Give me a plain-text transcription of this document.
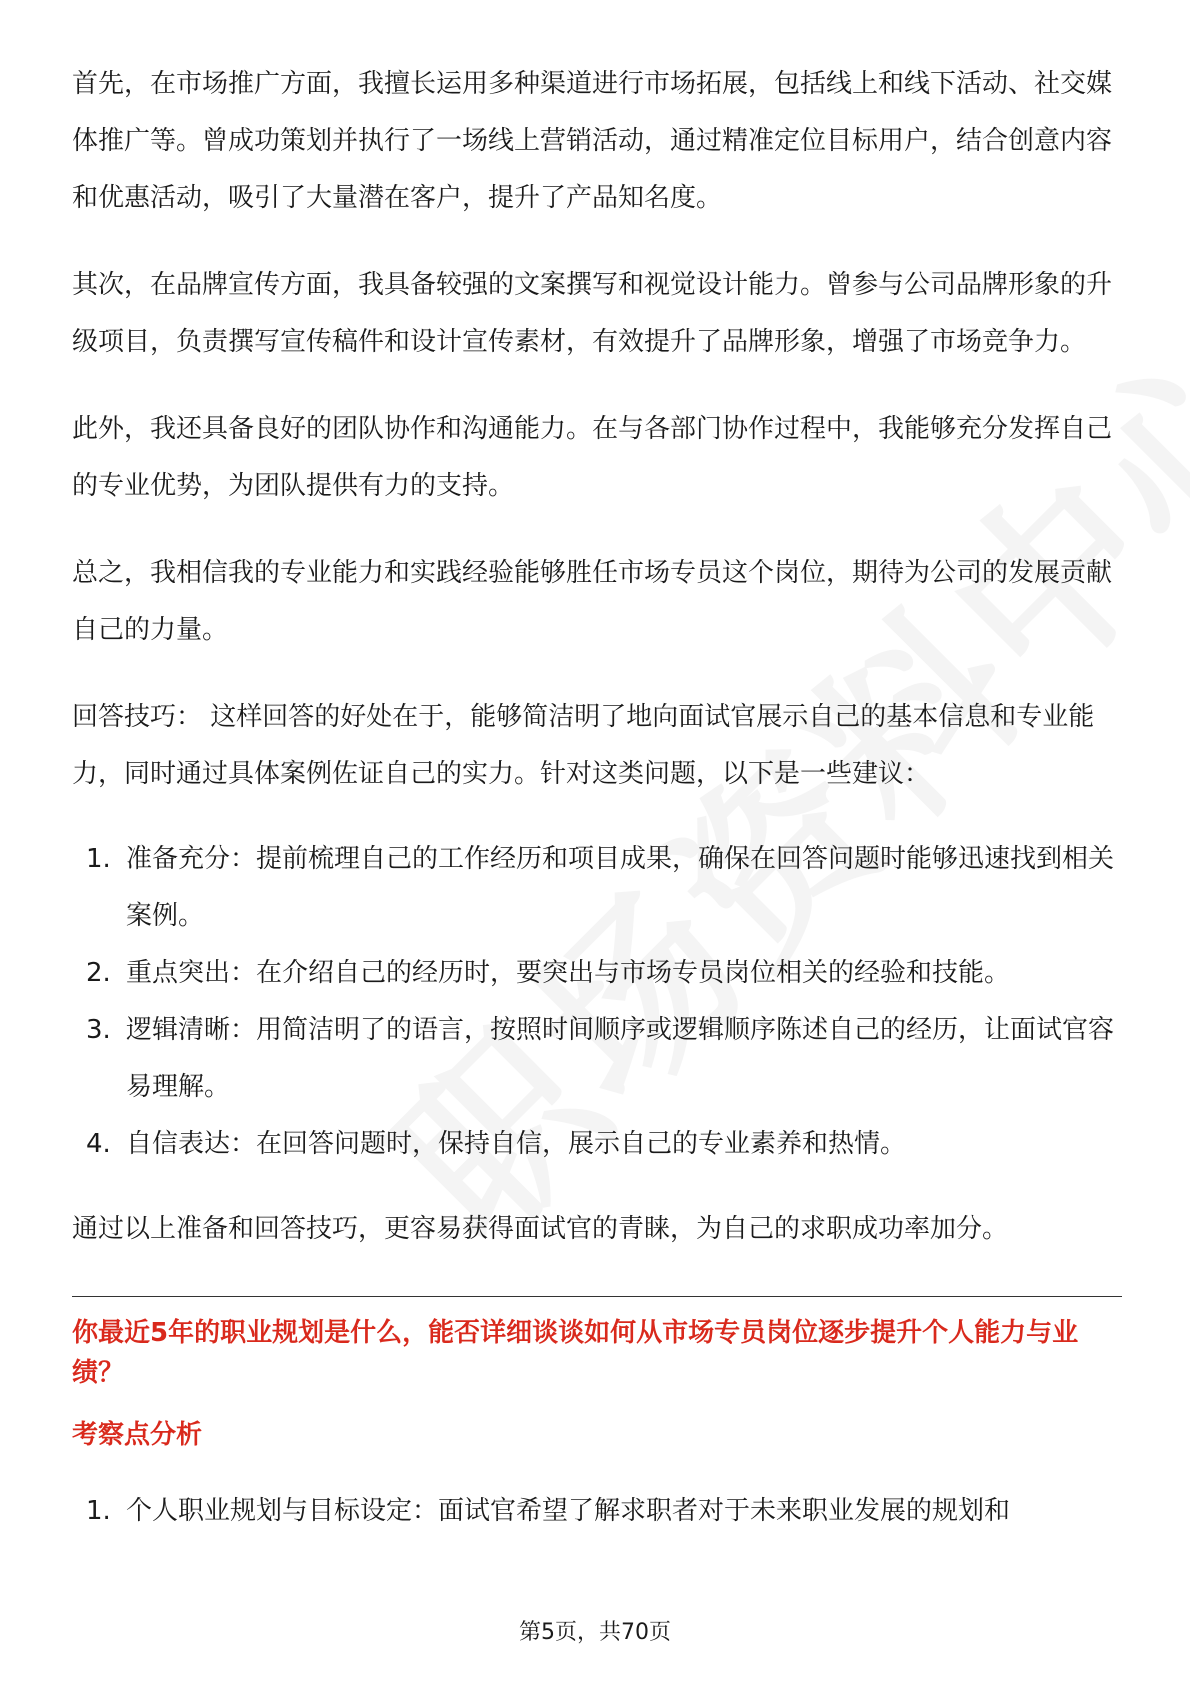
首先，在市场推广方面，我擅长运用多种渠道进行市场拓展，包括线上和线下活动、社交媒体推广等。曾成功策划并执行了一场线上营销活动，通过精准定位目标用户，结合创意内容和优惠活动，吸引了大量潜在客户，提升了产品知名度。

其次，在品牌宣传方面，我具备较强的文案撰写和视觉设计能力。曾参与公司品牌形象的升级项目，负责撰写宣传稿件和设计宣传素材，有效提升了品牌形象，增强了市场竞争力。

此外，我还具备良好的团队协作和沟通能力。在与各部门协作过程中，我能够充分发挥自己的专业优势，为团队提供有力的支持。

总之，我相信我的专业能力和实践经验能够胜任市场专员这个岗位，期待为公司的发展贡献自己的力量。

回答技巧： 这样回答的好处在于，能够简洁明了地向面试官展示自己的基本信息和专业能力，同时通过具体案例佐证自己的实力。针对这类问题，以下是一些建议：

1. 准备充分：提前梳理自己的工作经历和项目成果，确保在回答问题时能够迅速找到相关案例。
2. 重点突出：在介绍自己的经历时，要突出与市场专员岗位相关的经验和技能。
3. 逻辑清晰：用简洁明了的语言，按照时间顺序或逻辑顺序陈述自己的经历，让面试官容易理解。
4. 自信表达：在回答问题时，保持自信，展示自己的专业素养和热情。

通过以上准备和回答技巧，更容易获得面试官的青睐，为自己的求职成功率加分。

你最近5年的职业规划是什么，能否详细谈谈如何从市场专员岗位逐步提升个人能力与业绩？
考察点分析
1. 个人职业规划与目标设定：面试官希望了解求职者对于未来职业发展的规划和
第5页，共70页
